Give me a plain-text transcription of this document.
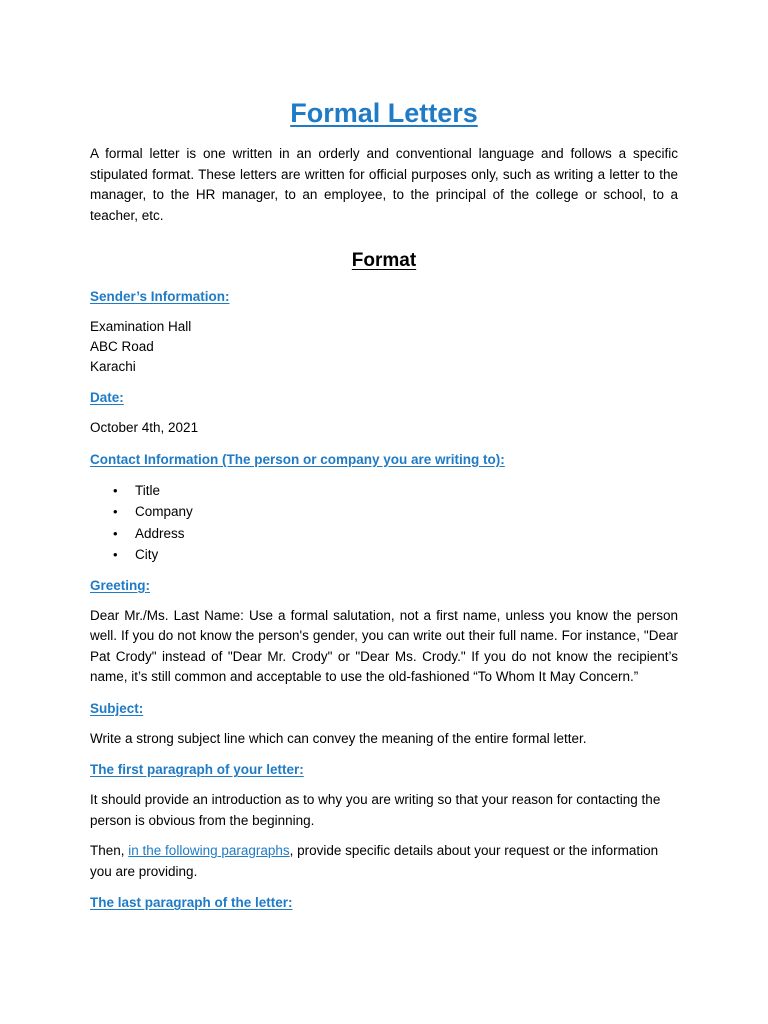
Formal Letters

A formal letter is one written in an orderly and conventional language and follows a specific stipulated format. These letters are written for official purposes only, such as writing a letter to the manager, to the HR manager, to an employee, to the principal of the college or school, to a teacher, etc.

Format
Sender’s Information:

Examination Hall

ABC Road

Karachi

Date:

October 4th, 2021

Contact Information (The person or company you are writing to):
• Title
• Company
• Address
• City
Greeting:

Dear Mr./Ms. Last Name: Use a formal salutation, not a first name, unless you know the person well. If you do not know the person's gender, you can write out their full name. For instance, "Dear Pat Crody" instead of "Dear Mr. Crody" or "Dear Ms. Crody." If you do not know the recipient’s name, it’s still common and acceptable to use the old-fashioned “To Whom It May Concern.”

Subject:

Write a strong subject line which can convey the meaning of the entire formal letter.

The first paragraph of your letter:

It should provide an introduction as to why you are writing so that your reason for contacting the person is obvious from the beginning.

Then, in the following paragraphs, provide specific details about your request or the information you are providing.

The last paragraph of the letter:
